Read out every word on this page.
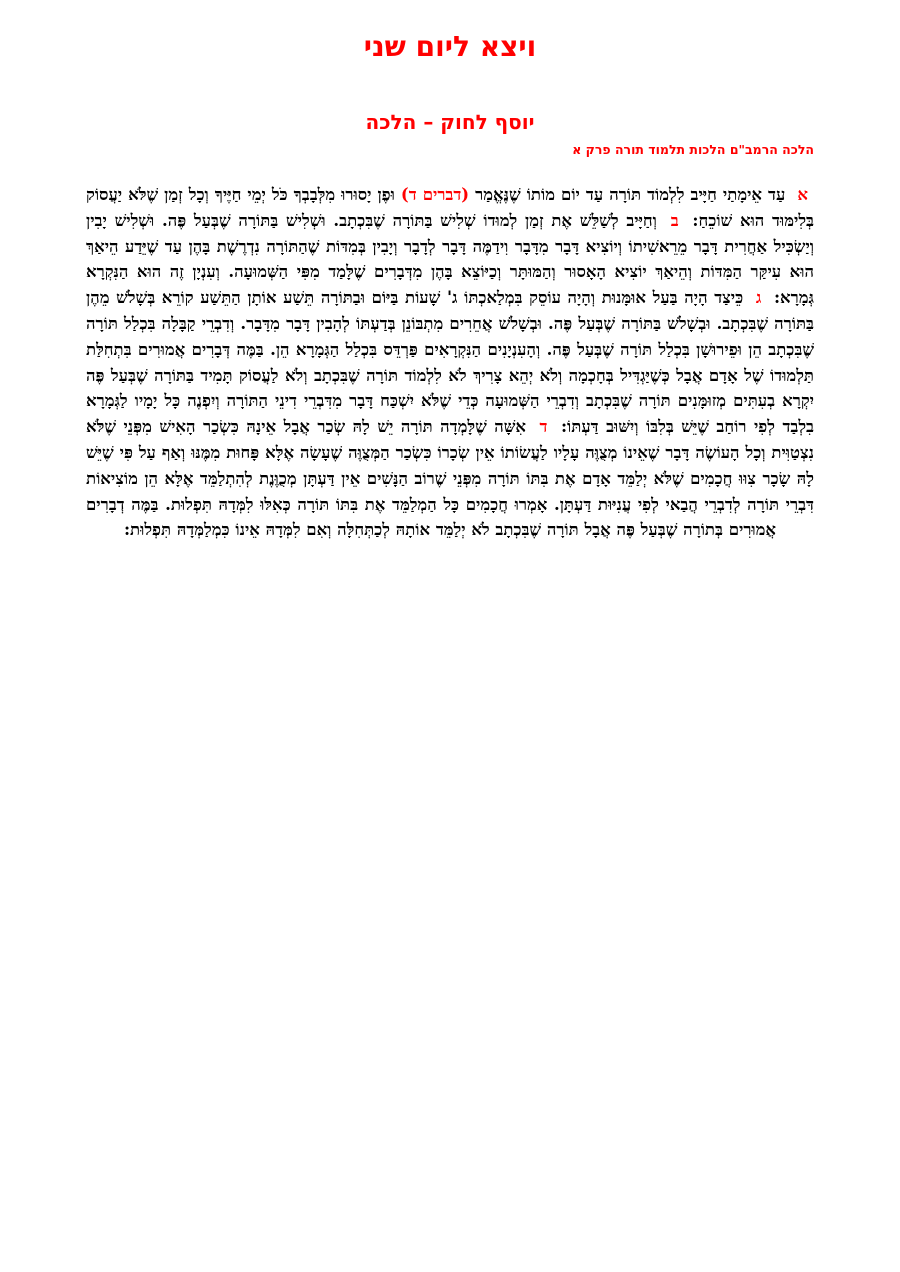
ויצא ליום שני
יוסף לחוק – הלכה
הלכה הרמב"ם הלכות תלמוד תורה פרק א

א עַד אֵימָתַי חַיָּיב לִלְמוֹד תּוֹרָה עַד יוֹם מוֹתוֹ שֶׁנֶּאֱמַר (דברים ד) וּפֶן יָסוּרוּ מִלְּבָבְךָ כֹּל יְמֵי חַיֶּיךָ וְכָל זְמַן שֶׁלֹּא יַעֲסוֹק בְּלִימּוּד הוּא שׁוֹכֵחַ: ב וְחַיָּיב לְשַׁלֵּשׁ אֶת זְמַן לְמוּדוֹ שְׁלִישׁ בַּתּוֹרָה שֶׁבִּכְתָב. וּשְׁלִישׁ בַּתּוֹרָה שֶׁבְּעַל פֶּה. וּשְׁלִישׁ יָבִין וְיַשְׂכִּיל אַחֲרִית דָּבָר מֵרֵאשִׁיתוֹ וְיוֹצִיא דָּבָר מִדָּבָר וִידַמֶּה דָּבָר לְדָבָר וְיָבִין בְּמִדּוֹת שֶׁהַתּוֹרָה נִדְרֶשֶׁת בָּהֶן עַד שֶׁיֵּדַע הֵיאַךְ הוּא עִיקַּר הַמִּדּוֹת וְהֵיאַךְ יוֹצִיא הָאָסוּר וְהַמּוּתָּר וְכַיּוֹצֵא בָּהֶן מִדְּבָרִים שֶׁלָּמַד מִפִּי הַשְּׁמוּעָה. וְעִנְיָן זֶה הוּא הַנִּקְרָא גְּמָרָא: ג כֵּיצַד הָיָה בַּעַל אוּמָּנוּת וְהָיָה עוֹסֵק בִּמְלַאכְתּוֹ ג' שָׁעוֹת בַּיּוֹם וּבַתּוֹרָה תֵּשַׁע אוֹתָן הַתֵּשַׁע קוֹרֵא בְּשָׁלֹשׁ מֵהֶן בַּתּוֹרָה שֶׁבִּכְתָב. וּבְשָׁלֹשׁ בַּתּוֹרָה שֶׁבְּעַל פֶּה. וּבְשָׁלֹשׁ אֲחֵרִים מִתְבּוֹנֵן בְּדַעְתּוֹ לְהָבִין דָּבָר מִדָּבָר. וְדִבְרֵי קַבָּלָה בִּכְלַל תּוֹרָה שֶׁבִּכְתָב הֵן וּפֵירוּשָׁן בִּכְלַל תּוֹרָה שֶׁבְּעַל פֶּה. וְהָעִנְיָנִים הַנִּקְרָאִים פַּרְדֵּס בִּכְלַל הַגְּמָרָא הֵן. בַּמֶּה דְּבָרִים אֲמוּרִים בִּתְחִלַּת תַּלְמוּדוֹ שֶׁל אָדָם אֲבָל כְּשֶׁיַּגְדִּיל בְּחָכְמָה וְלֹא יְהֵא צָרִיךְ לֹא לִלְמוֹד תּוֹרָה שֶׁבִּכְתָב וְלֹא לַעֲסוֹק תָּמִיד בַּתּוֹרָה שֶׁבְּעַל פֶּה יִקְרָא בְעִתִּים מְזוּמָּנִים תּוֹרָה שֶׁבִּכְתָב וְדִבְרֵי הַשְּׁמוּעָה כְּדֵי שֶׁלֹּא יִשְׁכַּח דָּבָר מִדִּבְרֵי דִינֵי הַתּוֹרָה וְיִפְנֶה כָּל יָמָיו לַגְּמָרָא בִלְבַד לְפִי רוֹחַב שֶׁיֵּשׁ בְּלִבּוֹ וְיִשּׁוּב דַּעְתּוֹ: ד אִשָּׁה שֶׁלָּמְדָה תּוֹרָה יֵשׁ לָהּ שְׂכַר אֲבָל אֵינָהּ כִּשְׂכַר הָאִישׁ מִפְּנֵי שֶׁלֹּא נִצְטַוִּית וְכָל הָעוֹשֶׂה דָּבָר שֶׁאֵינוֹ מְצֻוֶּה עָלָיו לַעֲשׂוֹתוֹ אֵין שְׂכָרוֹ כִּשְׂכַר הַמְּצֻוֶּה שֶׁעָשָׂה אֶלָּא פָּחוּת מִמֶּנּוּ וְאַף עַל פִּי שֶׁיֵּשׁ לָהּ שָׂכָר צִוּוּ חֲכָמִים שֶׁלֹּא יְלַמֵּד אָדָם אֶת בִּתּוֹ תּוֹרָה מִפְּנֵי שֶׁרוֹב הַנָּשִׁים אֵין דַּעְתָּן מְכֻוֶּנֶת לְהִתְלַמֵּד אֶלָּא הֵן מוֹצִיאוֹת דִּבְרֵי תּוֹרָה לְדִבְרֵי הֲבַאי לְפִי עֲנִיּוּת דַּעְתָּן. אָמְרוּ חֲכָמִים כָּל הַמְלַמֵּד אֶת בִּתּוֹ תּוֹרָה כְּאִלּוּ לִמְּדָהּ תִּפְלוּת. בַּמֶּה דְבָרִים אֲמוּרִים בְּתוֹרָה שֶׁבְּעַל פֶּה אֲבָל תּוֹרָה שֶׁבִּכְתָב לֹא יְלַמֵּד אוֹתָהּ לְכַתְּחִלָּה וְאִם לִמְּדָהּ אֵינוֹ כִּמְלַמְּדָהּ תִּפְלוּת:
